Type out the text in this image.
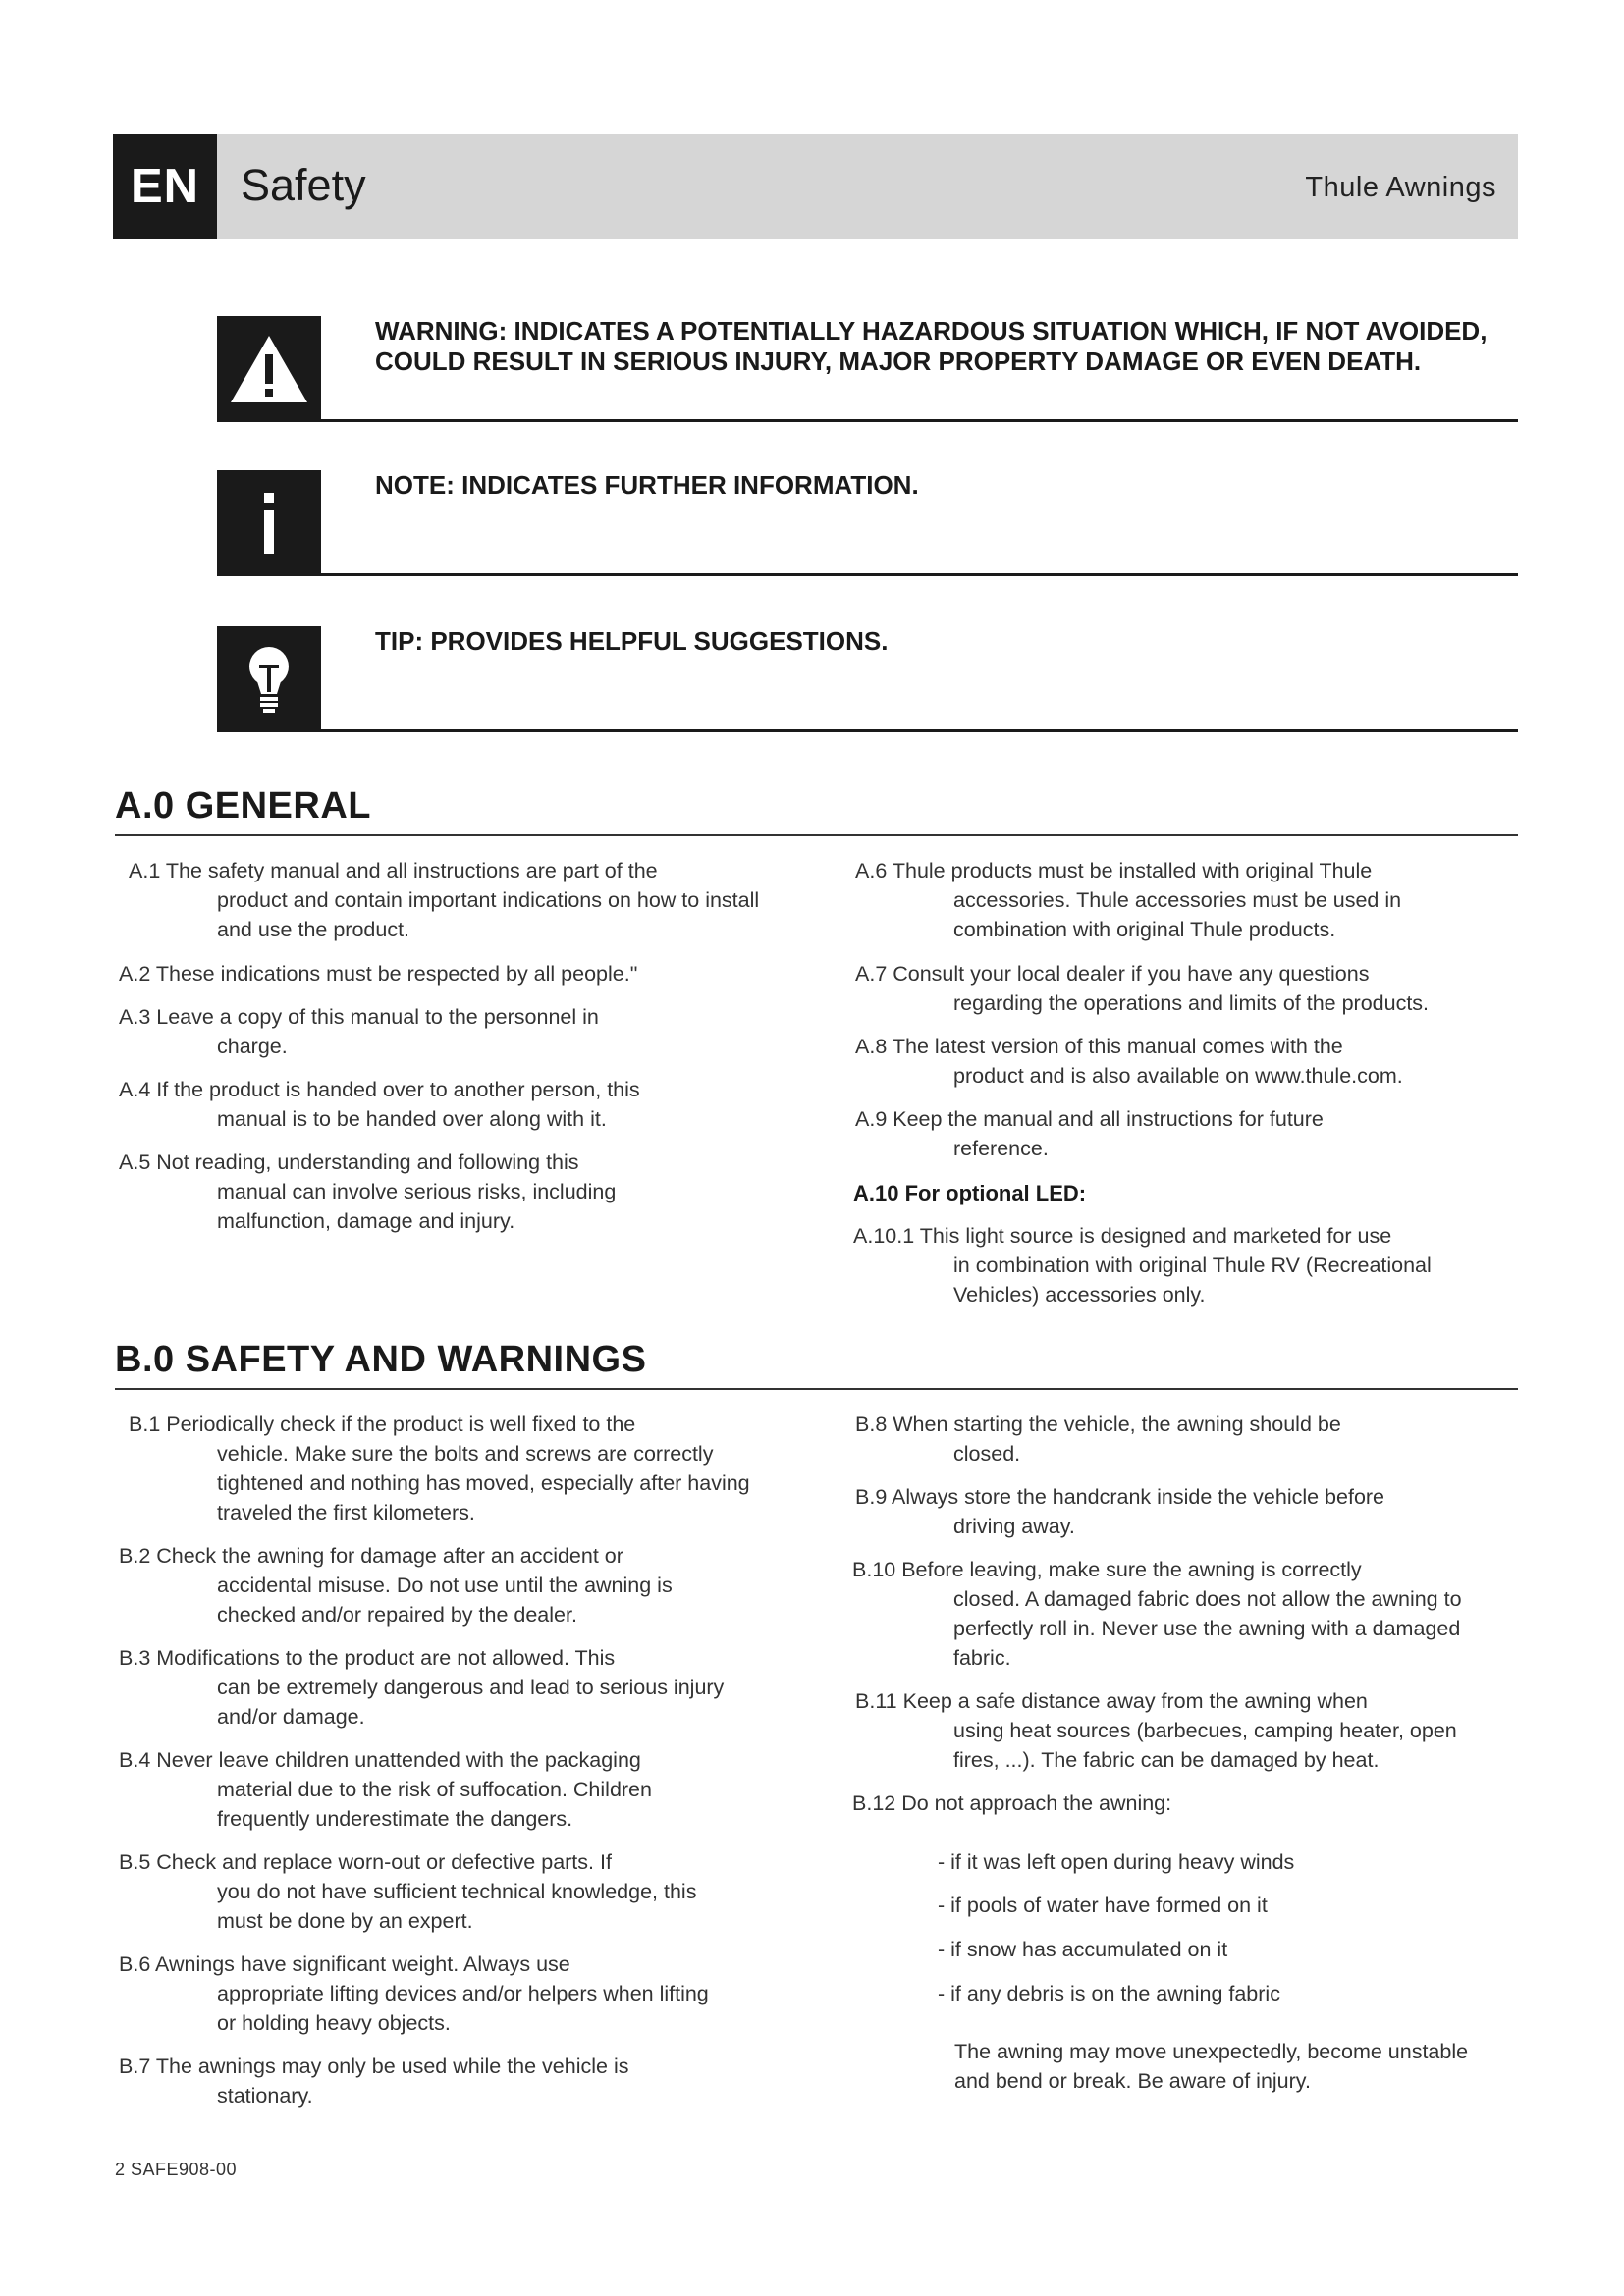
EN Safety	Thule Awnings
WARNING: INDICATES A POTENTIALLY HAZARDOUS SITUATION WHICH, IF NOT AVOIDED, COULD RESULT IN SERIOUS INJURY, MAJOR PROPERTY DAMAGE OR EVEN DEATH.
NOTE: INDICATES FURTHER INFORMATION.
TIP: PROVIDES HELPFUL SUGGESTIONS.
A.0 GENERAL
A.1 The safety manual and all instructions are part of the
product and contain important indications on how to install and use the product.
A.2 These indications must be respected by all people."
A.3 Leave a copy of this manual to the personnel in
charge.
A.4 If the product is handed over to another person, this
manual is to be handed over along with it.
A.5 Not reading, understanding and following this
manual can involve serious risks, including malfunction, damage and injury.
A.6 Thule products must be installed with original Thule
accessories. Thule accessories must be used in combination with original Thule products.
A.7 Consult your local dealer if you have any questions
regarding the operations and limits of the products.
A.8 The latest version of this manual comes with the
product and is also available on www.thule.com.
A.9 Keep the manual and all instructions for future
reference.
A.10 For optional LED:
A.10.1 This light source is designed and marketed for use
in combination with original Thule RV (Recreational Vehicles) accessories only.
B.0 SAFETY AND WARNINGS
B.1 Periodically check if the product is well fixed to the
vehicle. Make sure the bolts and screws are correctly tightened and nothing has moved, especially after having traveled the first kilometers.
B.2 Check the awning for damage after an accident or
accidental misuse. Do not use until the awning is checked and/or repaired by the dealer.
B.3 Modifications to the product are not allowed. This
can be extremely dangerous and lead to serious injury and/or damage.
B.4 Never leave children unattended with the packaging
material due to the risk of suffocation. Children frequently underestimate the dangers.
B.5 Check and replace worn-out or defective parts. If
you do not have sufficient technical knowledge, this must be done by an expert.
B.6 Awnings have significant weight. Always use
appropriate lifting devices and/or helpers when lifting or holding heavy objects.
B.7 The awnings may only be used while the vehicle is
stationary.
B.8 When starting the vehicle, the awning should be
closed.
B.9 Always store the handcrank inside the vehicle before
driving away.
B.10 Before leaving, make sure the awning is correctly
closed. A damaged fabric does not allow the awning to perfectly roll in. Never use the awning with a damaged fabric.
B.11 Keep a safe distance away from the awning when
using heat sources (barbecues, camping heater, open fires, ...). The fabric can be damaged by heat.
B.12 Do not approach the awning:
- if it was left open during heavy winds
- if pools of water have formed on it
- if snow has accumulated on it
- if any debris is on the awning fabric
The awning may move unexpectedly, become unstable and bend or break. Be aware of injury.
2 SAFE908-00
